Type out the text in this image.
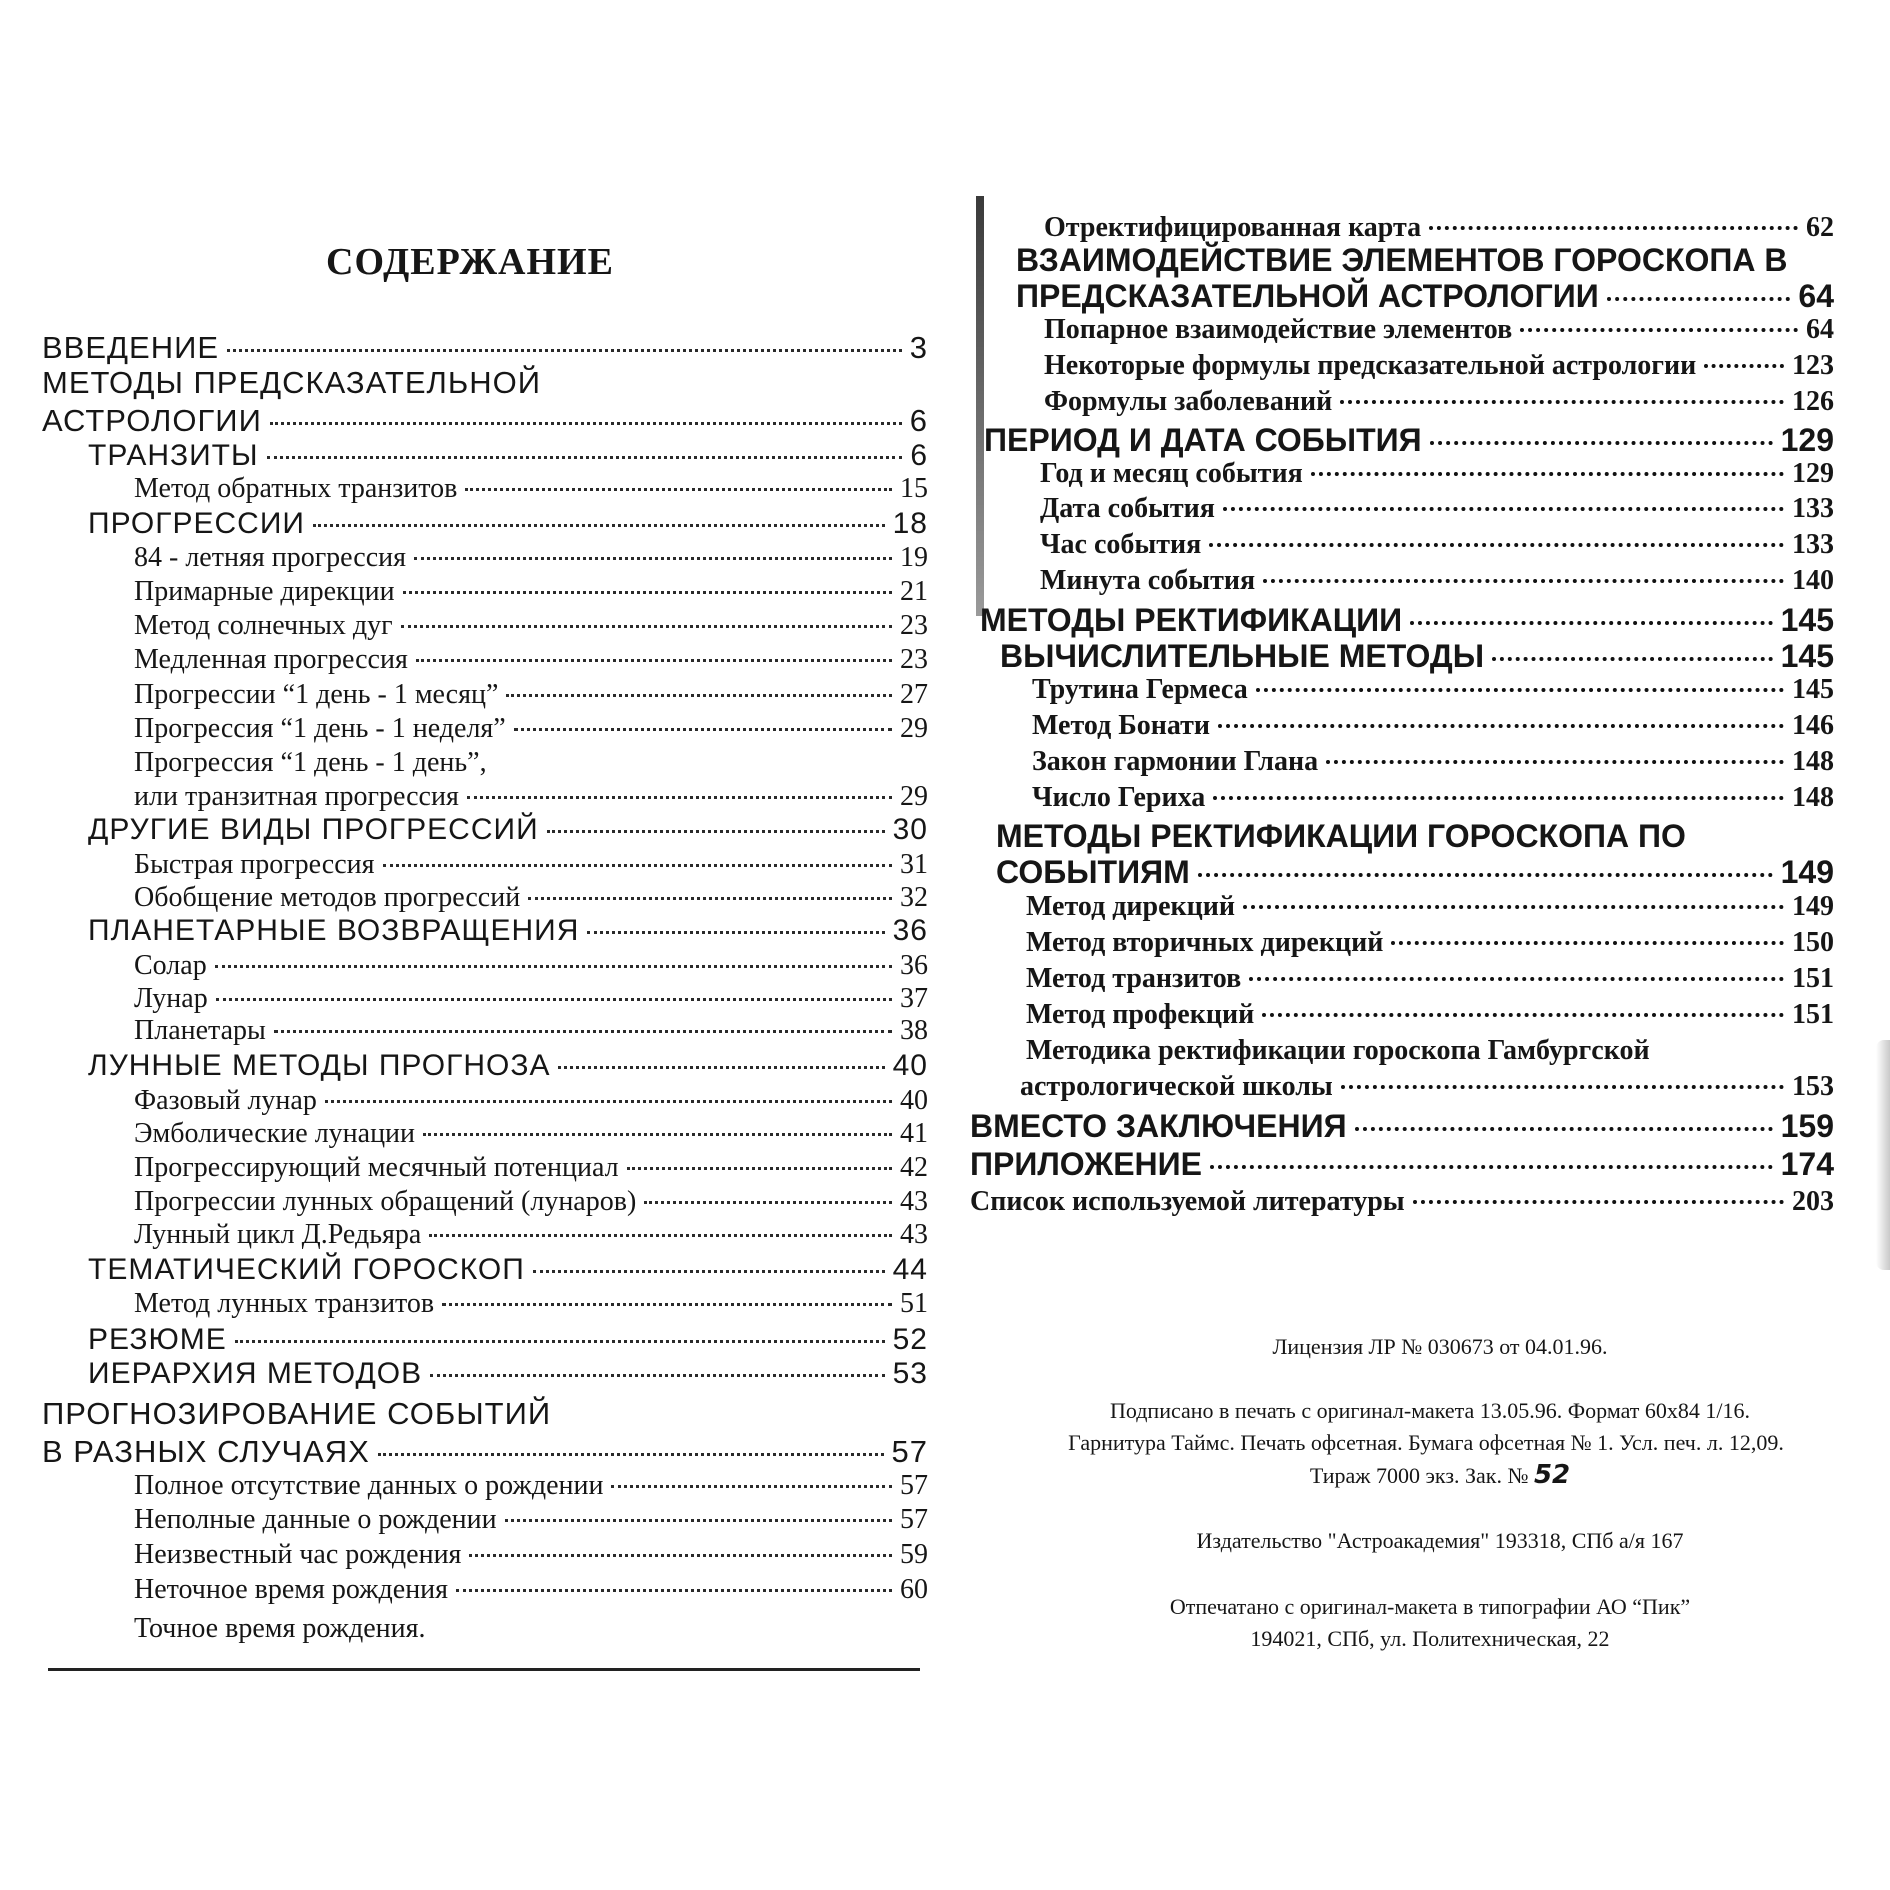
СОДЕРЖАНИЕ
ВВЕДЕНИЕ	3
МЕТОДЫ ПРЕДСКАЗАТЕЛЬНОЙ
АСТРОЛОГИИ	6
ТРАНЗИТЫ	6
Метод обратных транзитов	15
ПРОГРЕССИИ	18
84 - летняя прогрессия	19
Примарные дирекции	21
Метод солнечных дуг	23
Медленная прогрессия	23
Прогрессии “1 день - 1 месяц”	27
Прогрессия “1 день - 1 неделя”	29
Прогрессия “1 день - 1 день”,
или транзитная прогрессия	29
ДРУГИЕ ВИДЫ ПРОГРЕССИЙ	30
Быстрая прогрессия	31
Обобщение методов прогрессий	32
ПЛАНЕТАРНЫЕ ВОЗВРАЩЕНИЯ	36
Солар	36
Лунар	37
Планетары	38
ЛУННЫЕ МЕТОДЫ ПРОГНОЗА	40
Фазовый лунар	40
Эмболические лунации	41
Прогрессирующий месячный потенциал	42
Прогрессии лунных обращений (лунаров)	43
Лунный цикл Д.Редьяра	43
ТЕМАТИЧЕСКИЙ ГОРОСКОП	44
Метод лунных транзитов	51
РЕЗЮМЕ	52
ИЕРАРХИЯ МЕТОДОВ	53
ПРОГНОЗИРОВАНИЕ СОБЫТИЙ
В РАЗНЫХ СЛУЧАЯХ	57
Полное отсутствие данных о рождении	57
Неполные данные о рождении	57
Неизвестный час рождения	59
Неточное время рождения	60
Точное время рождения.
Отректифицированная карта	62
ВЗАИМОДЕЙСТВИЕ ЭЛЕМЕНТОВ ГОРОСКОПА В
ПРЕДСКАЗАТЕЛЬНОЙ АСТРОЛОГИИ	64
Попарное взаимодействие элементов	64
Некоторые формулы предсказательной астрологии	123
Формулы заболеваний	126
ПЕРИОД И ДАТА СОБЫТИЯ	129
Год и месяц события	129
Дата события	133
Час события	133
Минута события	140
МЕТОДЫ РЕКТИФИКАЦИИ	145
ВЫЧИСЛИТЕЛЬНЫЕ МЕТОДЫ	145
Трутина Гермеса	145
Метод Бонати	146
Закон гармонии Глана	148
Число Гериха	148
МЕТОДЫ РЕКТИФИКАЦИИ ГОРОСКОПА ПО
СОБЫТИЯМ	149
Метод дирекций	149
Метод вторичных дирекций	150
Метод транзитов	151
Метод профекций	151
Методика ректификации гороскопа Гамбургской
астрологической школы	153
ВМЕСТО ЗАКЛЮЧЕНИЯ	159
ПРИЛОЖЕНИЕ	174
Список используемой литературы	203
Лицензия ЛР № 030673 от 04.01.96.
Подписано в печать с оригинал-макета 13.05.96. Формат 60х84 1/16.
Гарнитура Таймс. Печать офсетная. Бумага офсетная № 1. Усл. печ. л. 12,09.
Тираж 7000 экз. Зак. № 52
Издательство "Астроакадемия" 193318, СПб а/я 167
Отпечатано с оригинал-макета в типографии АО “Пик”
194021, СПб, ул. Политехническая, 22
